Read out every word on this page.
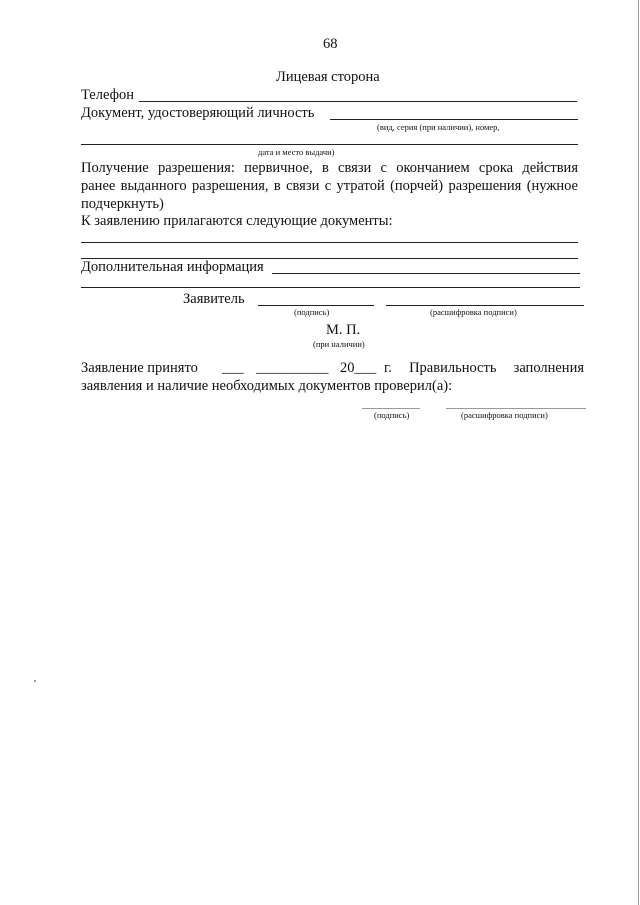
68
Лицевая сторона
Телефон
Документ, удостоверяющий личность
(вид, серия (при наличии), номер,
дата и место выдачи)
Получение разрешения: первичное, в связи с окончанием срока действия
ранее выданного разрешения, в связи с утратой (порчей) разрешения (нужное
подчеркнуть)
К заявлению прилагаются следующие документы:
Дополнительная информация
Заявитель
(подпись)	(расшифровка подписи)
М. П.
(при наличии)
Заявление принято ___ __________ 20___ г. Правильность заполнения
заявления и наличие необходимых документов проверил(а):
(подпись)	(расшифровка подписи)
